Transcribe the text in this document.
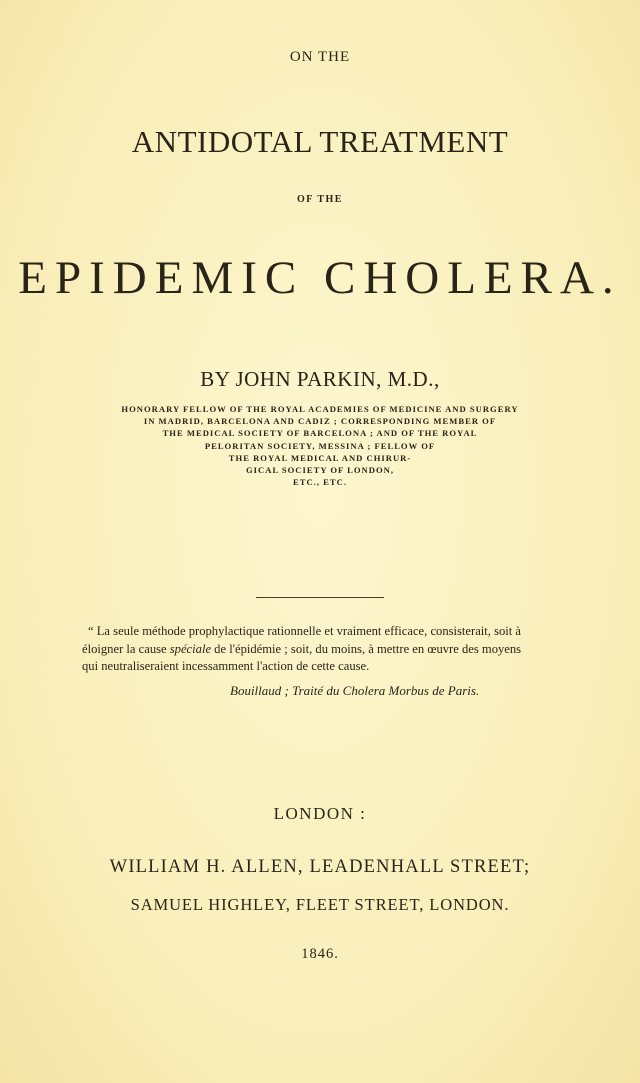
ON THE
ANTIDOTAL TREATMENT
OF THE
EPIDEMIC CHOLERA.
BY JOHN PARKIN, M.D.,
HONORARY FELLOW OF THE ROYAL ACADEMIES OF MEDICINE AND SURGERY
IN MADRID, BARCELONA AND CADIZ ; CORRESPONDING MEMBER OF
THE MEDICAL SOCIETY OF BARCELONA ; AND OF THE ROYAL
PELORITAN SOCIETY, MESSINA ; FELLOW OF
THE ROYAL MEDICAL AND CHIRUR-
GICAL SOCIETY OF LONDON,
ETC., ETC.
“ La seule méthode prophylactique rationnelle et vraiment efficace, consisterait, soit à
éloigner la cause spéciale de l'épidémie ; soit, du moins, à mettre en œuvre des moyens
qui neutraliseraient incessamment l'action de cette cause.
Bouillaud ; Traité du Cholera Morbus de Paris.
LONDON :
WILLIAM H. ALLEN, LEADENHALL STREET;
SAMUEL HIGHLEY, FLEET STREET, LONDON.
1846.
